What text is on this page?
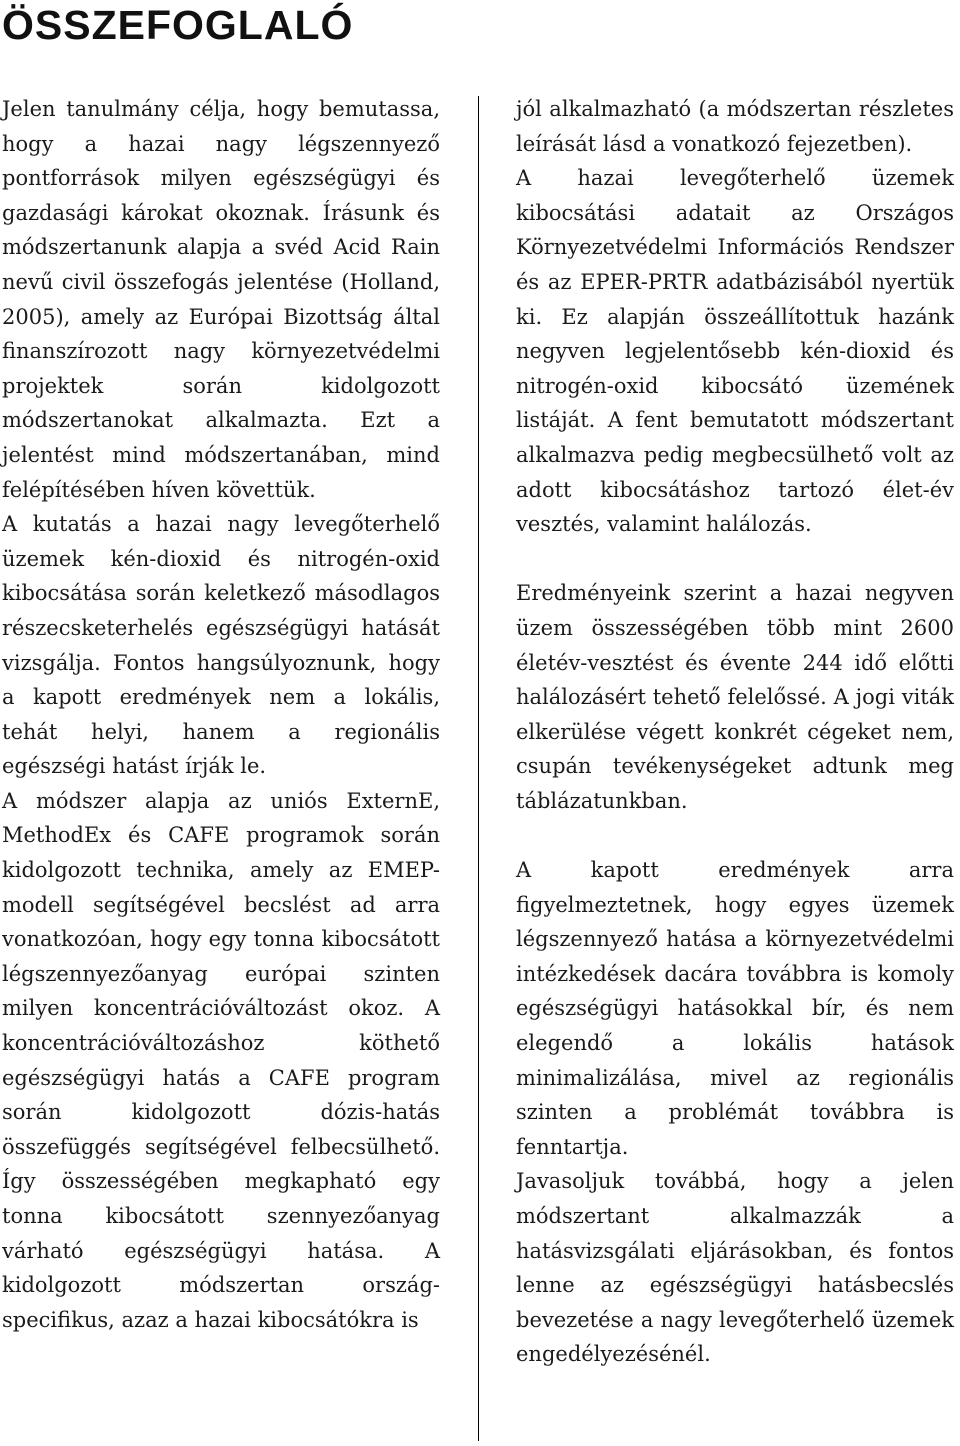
ÖSSZEFOGLALÓ

Jelen tanulmány célja, hogy bemutassa, hogy a hazai nagy légszennyező pontforrások milyen egészségügyi és gazdasági károkat okoznak. Írásunk és módszertanunk alapja a svéd Acid Rain nevű civil összefogás jelentése (Holland, 2005), amely az Európai Bizottság által finanszírozott nagy környezetvédelmi projektek során kidolgozott módszertanokat alkalmazta. Ezt a jelentést mind módszertanában, mind felépítésében híven követtük.

A kutatás a hazai nagy levegőterhelő üzemek kén-dioxid és nitrogén-oxid kibocsátása során keletkező másodlagos részecsketerhelés egészségügyi hatását vizsgálja. Fontos hangsúlyoznunk, hogy a kapott eredmények nem a lokális, tehát helyi, hanem a regionális egészségi hatást írják le.

A módszer alapja az uniós ExternE, MethodEx és CAFE programok során kidolgozott technika, amely az EMEP-modell segítségével becslést ad arra vonatkozóan, hogy egy tonna kibocsátott légszennyezőanyag európai szinten milyen koncentrációváltozást okoz. A koncentrációváltozáshoz köthető egészségügyi hatás a CAFE program során kidolgozott dózis-hatás összefüggés segítségével felbecsülhető. Így összességében megkapható egy tonna kibocsátott szennyezőanyag várható egészségügyi hatása. A kidolgozott módszertan ország-specifikus, azaz a hazai kibocsátókra is

jól alkalmazható (a módszertan részletes leírását lásd a vonatkozó fejezetben).

A hazai levegőterhelő üzemek kibocsátási adatait az Országos Környezetvédelmi Információs Rendszer és az EPER-PRTR adatbázisából nyertük ki. Ez alapján összeállítottuk hazánk negyven legjelentősebb kén-dioxid és nitrogén-oxid kibocsátó üzemének listáját. A fent bemutatott módszertant alkalmazva pedig megbecsülhető volt az adott kibocsátáshoz tartozó élet-év vesztés, valamint halálozás.

Eredményeink szerint a hazai negyven üzem összességében több mint 2600 életév-vesztést és évente 244 idő előtti halálozásért tehető felelőssé. A jogi viták elkerülése végett konkrét cégeket nem, csupán tevékenységeket adtunk meg táblázatunkban.

A kapott eredmények arra figyelmeztetnek, hogy egyes üzemek légszennyező hatása a környezetvédelmi intézkedések dacára továbbra is komoly egészségügyi hatásokkal bír, és nem elegendő a lokális hatások minimalizálása, mivel az regionális szinten a problémát továbbra is fenntartja.

Javasoljuk továbbá, hogy a jelen módszertant alkalmazzák a hatásvizsgálati eljárásokban, és fontos lenne az egészségügyi hatásbecslés bevezetése a nagy levegőterhelő üzemek engedélyezésénél.
